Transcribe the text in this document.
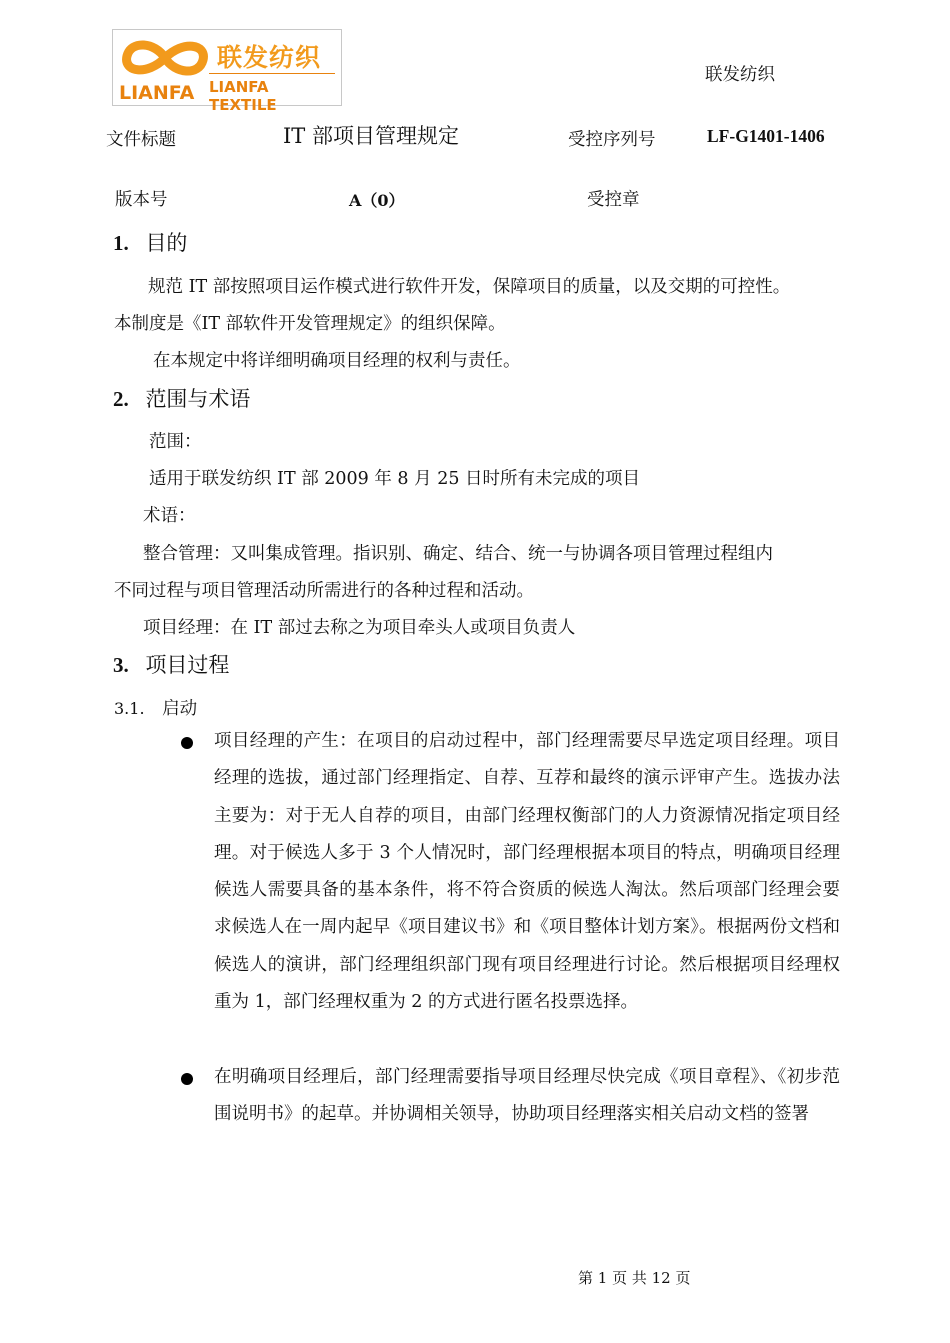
联发纺织
LIANFA LIANFA TEXTILE
联发纺织
文件标题	IT 部项目管理规定	受控序列号	LF-G1401-1406
版本号	A（0）	受控章
1. 目的
规范 IT 部按照项目运作模式进行软件开发，保障项目的质量，以及交期的可控性。
本制度是《IT 部软件开发管理规定》的组织保障。
在本规定中将详细明确项目经理的权利与责任。
2. 范围与术语
范围：
适用于联发纺织 IT 部 2009 年 8 月 25 日时所有未完成的项目
术语：
整合管理：又叫集成管理。指识别、确定、结合、统一与协调各项目管理过程组内
不同过程与项目管理活动所需进行的各种过程和活动。
项目经理：在 IT 部过去称之为项目牵头人或项目负责人
3. 项目过程
3.1. 启动
项目经理的产生：在项目的启动过程中，部门经理需要尽早选定项目经理。项目经理的选拔，通过部门经理指定、自荐、互荐和最终的演示评审产生。选拔办法主要为：对于无人自荐的项目，由部门经理权衡部门的人力资源情况指定项目经理。对于候选人多于 3 个人情况时，部门经理根据本项目的特点，明确项目经理候选人需要具备的基本条件，将不符合资质的候选人淘汰。然后项部门经理会要求候选人在一周内起早《项目建议书》和《项目整体计划方案》。根据两份文档和候选人的演讲，部门经理组织部门现有项目经理进行讨论。然后根据项目经理权重为 1，部门经理权重为 2 的方式进行匿名投票选择。
在明确项目经理后，部门经理需要指导项目经理尽快完成《项目章程》、《初步范围说明书》的起草。并协调相关领导，协助项目经理落实相关启动文档的签署
第 1 页 共 12 页
